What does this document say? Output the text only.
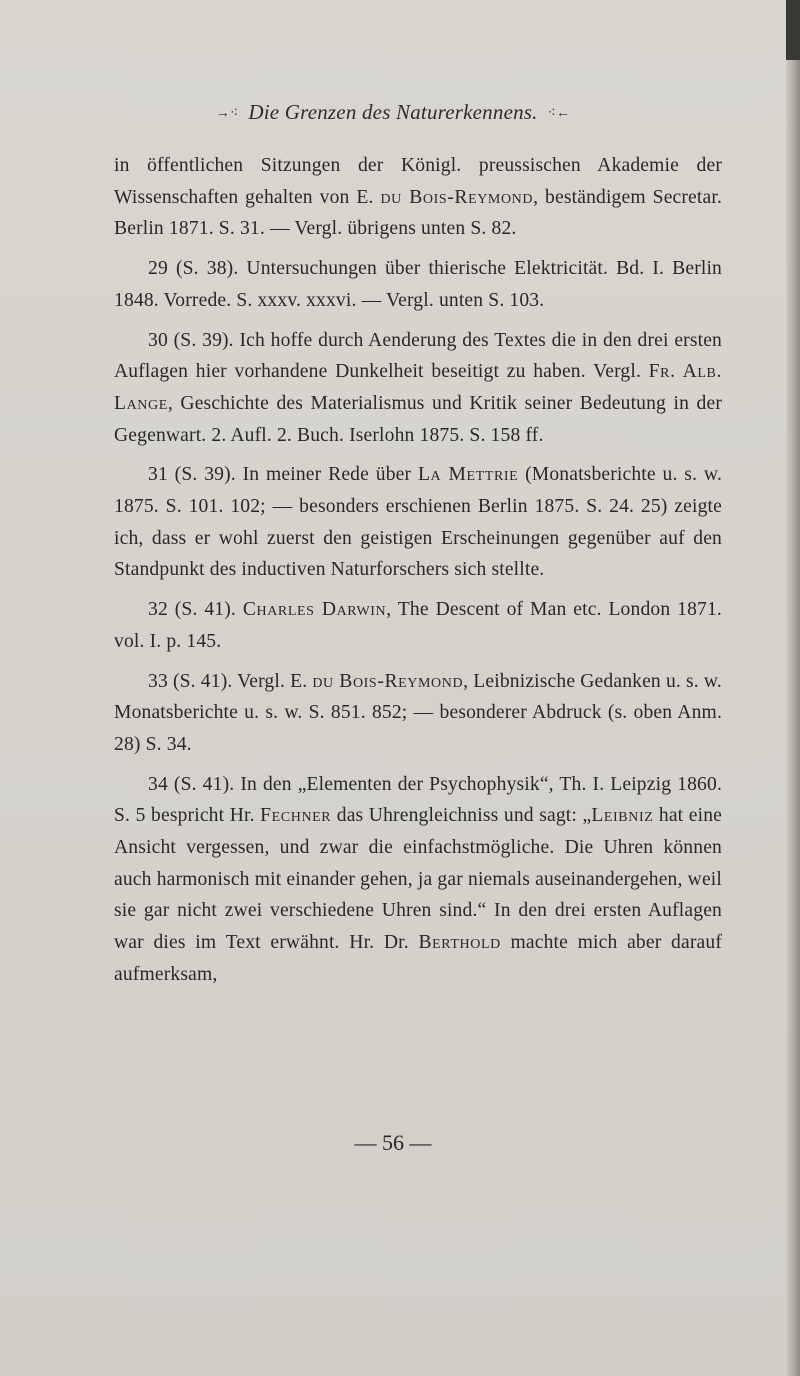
→⁖ Die Grenzen des Naturerkennens. ⁖←

in öffentlichen Sitzungen der Königl. preussischen Akademie der Wissenschaften gehalten von E. du Bois-Reymond, beständigem Secretar. Berlin 1871. S. 31. — Vergl. übrigens unten S. 82.

29 (S. 38). Untersuchungen über thierische Elektricität. Bd. I. Berlin 1848. Vorrede. S. xxxv. xxxvi. — Vergl. unten S. 103.

30 (S. 39). Ich hoffe durch Aenderung des Textes die in den drei ersten Auflagen hier vorhandene Dunkelheit beseitigt zu haben. Vergl. Fr. Alb. Lange, Geschichte des Materialismus und Kritik seiner Bedeutung in der Gegenwart. 2. Aufl. 2. Buch. Iserlohn 1875. S. 158 ff.

31 (S. 39). In meiner Rede über La Mettrie (Monatsberichte u. s. w. 1875. S. 101. 102; — besonders erschienen Berlin 1875. S. 24. 25) zeigte ich, dass er wohl zuerst den geistigen Erscheinungen gegenüber auf den Standpunkt des inductiven Naturforschers sich stellte.

32 (S. 41). Charles Darwin, The Descent of Man etc. London 1871. vol. I. p. 145.

33 (S. 41). Vergl. E. du Bois-Reymond, Leibnizische Gedanken u. s. w. Monatsberichte u. s. w. S. 851. 852; — besonderer Abdruck (s. oben Anm. 28) S. 34.

34 (S. 41). In den „Elementen der Psychophysik“, Th. I. Leipzig 1860. S. 5 bespricht Hr. Fechner das Uhrengleichniss und sagt: „Leibniz hat eine Ansicht vergessen, und zwar die einfachstmögliche. Die Uhren können auch harmonisch mit einander gehen, ja gar niemals auseinandergehen, weil sie gar nicht zwei verschiedene Uhren sind.“ In den drei ersten Auflagen war dies im Text erwähnt. Hr. Dr. Berthold machte mich aber darauf aufmerksam,

— 56 —
